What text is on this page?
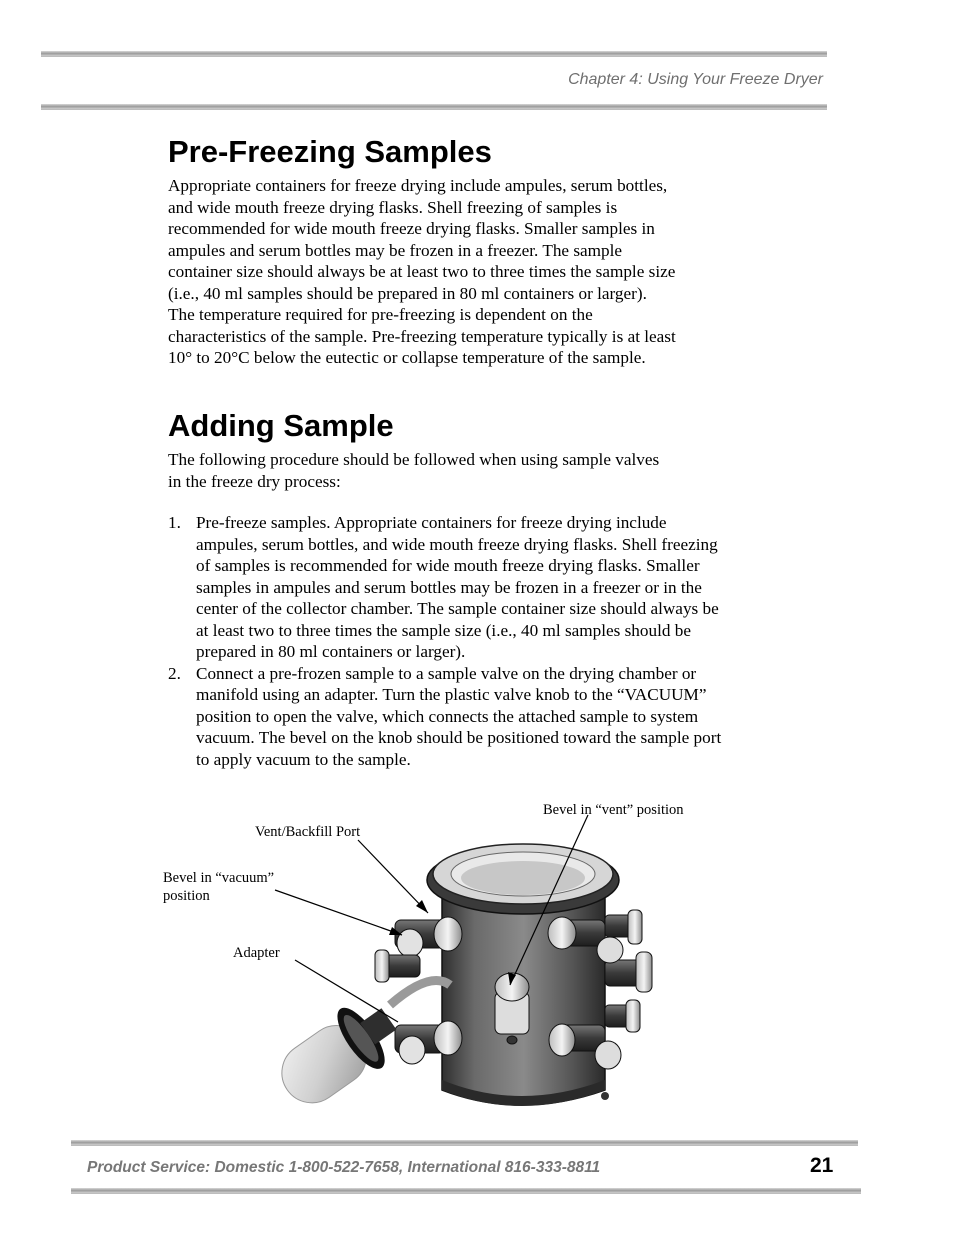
Chapter 4: Using Your Freeze Dryer
Pre-Freezing Samples

Appropriate containers for freeze drying include ampules, serum bottles, and wide mouth freeze drying flasks. Shell freezing of samples is recommended for wide mouth freeze drying flasks. Smaller samples in ampules and serum bottles may be frozen in a freezer. The sample container size should always be at least two to three times the sample size (i.e., 40 ml samples should be prepared in 80 ml containers or larger). The temperature required for pre-freezing is dependent on the characteristics of the sample. Pre-freezing temperature typically is at least 10° to 20°C below the eutectic or collapse temperature of the sample.

Adding Sample

The following procedure should be followed when using sample valves in the freeze dry process:

1. Pre-freeze samples. Appropriate containers for freeze drying include ampules, serum bottles, and wide mouth freeze drying flasks. Shell freezing of samples is recommended for wide mouth freeze drying flasks. Smaller samples in ampules and serum bottles may be frozen in a freezer or in the center of the collector chamber. The sample container size should always be at least two to three times the sample size (i.e., 40 ml samples should be prepared in 80 ml containers or larger).
2. Connect a pre-frozen sample to a sample valve on the drying chamber or manifold using an adapter. Turn the plastic valve knob to the “VACUUM” position to open the valve, which connects the attached sample to system vacuum. The bevel on the knob should be positioned toward the sample port to apply vacuum to the sample.
Bevel in “vent” position
Vent/Backfill Port
Bevel in “vacuum”
position
Adapter
Product Service: Domestic 1-800-522-7658, International 816-333-8811	21
